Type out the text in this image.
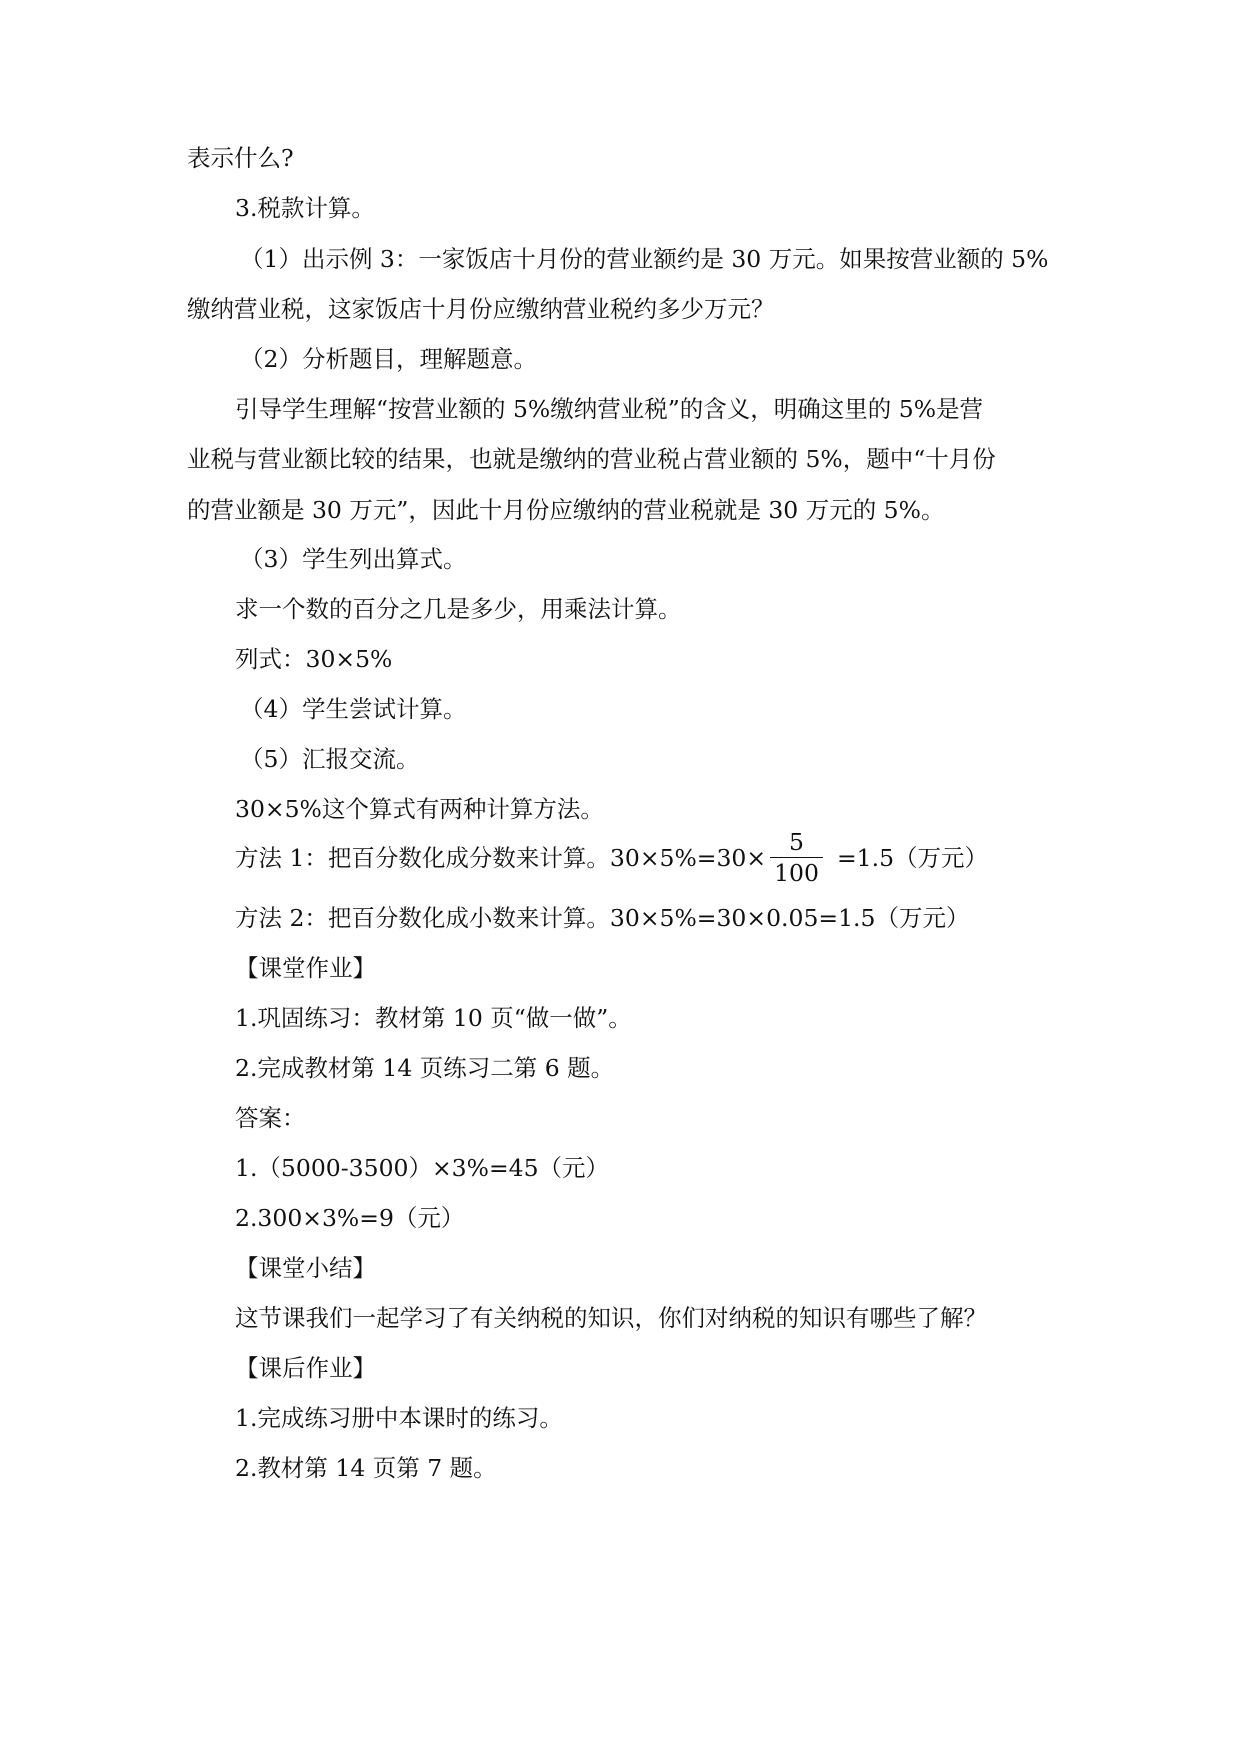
表示什么?
3.税款计算。
（1）出示例 3：一家饭店十月份的营业额约是 30 万元。如果按营业额的 5%
缴纳营业税，这家饭店十月份应缴纳营业税约多少万元？
（2）分析题目，理解题意。
引导学生理解“按营业额的 5%缴纳营业税”的含义，明确这里的 5%是营
业税与营业额比较的结果，也就是缴纳的营业税占营业额的 5%，题中“十月份
的营业额是 30 万元”，因此十月份应缴纳的营业税就是 30 万元的 5%。
（3）学生列出算式。
求一个数的百分之几是多少，用乘法计算。
列式：30×5%
（4）学生尝试计算。
（5）汇报交流。
30×5%这个算式有两种计算方法。
方法 1：把百分数化成分数来计算。$30\times 5\%=30\times \frac{5}{100} =1.5$（万元）
方法 2：把百分数化成小数来计算。30×5%=30×0.05=1.5（万元）
【课堂作业】
1.巩固练习：教材第 10 页“做一做”。
2.完成教材第 14 页练习二第 6 题。
答案：
1.（5000-3500）×3%=45（元）
2.300×3%=9（元）
【课堂小结】
这节课我们一起学习了有关纳税的知识，你们对纳税的知识有哪些了解？
【课后作业】
1.完成练习册中本课时的练习。
2.教材第 14 页第 7 题。
